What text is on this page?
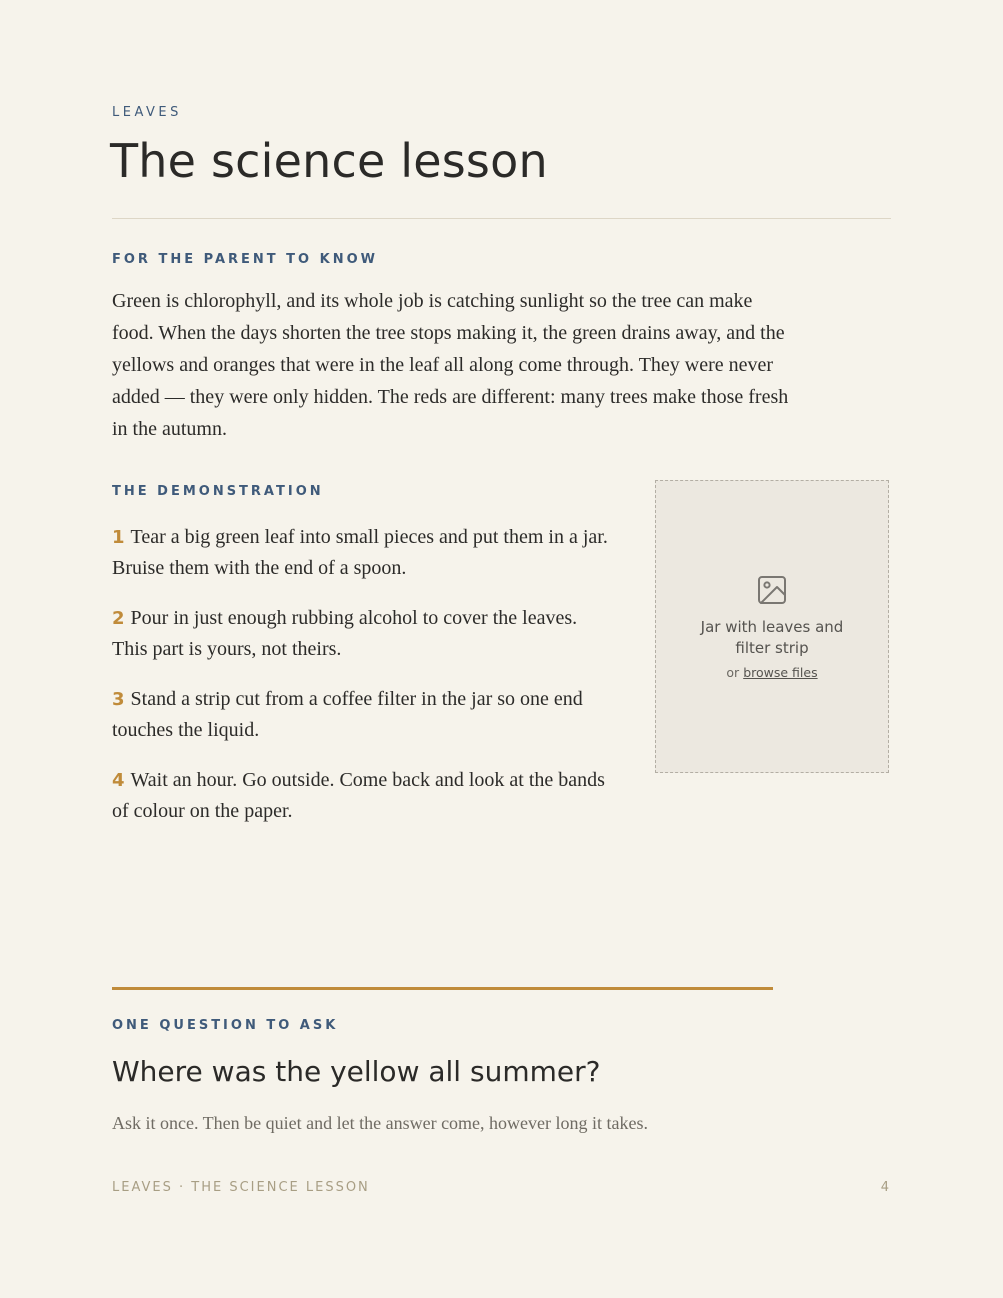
LEAVES
The science lesson
FOR THE PARENT TO KNOW

Green is chlorophyll, and its whole job is catching sunlight so the tree can make food. When the days shorten the tree stops making it, the green drains away, and the yellows and oranges that were in the leaf all along come through. They were never added — they were only hidden. The reds are different: many trees make those fresh in the autumn.

THE DEMONSTRATION
1 Tear a big green leaf into small pieces and put them in a jar. Bruise them with the end of a spoon.
2 Pour in just enough rubbing alcohol to cover the leaves. This part is yours, not theirs.
3 Stand a strip cut from a coffee filter in the jar so one end touches the liquid.
4 Wait an hour. Go outside. Come back and look at the bands of colour on the paper.
Jar with leaves and filter strip
or browse files
ONE QUESTION TO ASK
Where was the yellow all summer?

Ask it once. Then be quiet and let the answer come, however long it takes.

LEAVES · THE SCIENCE LESSON	4
